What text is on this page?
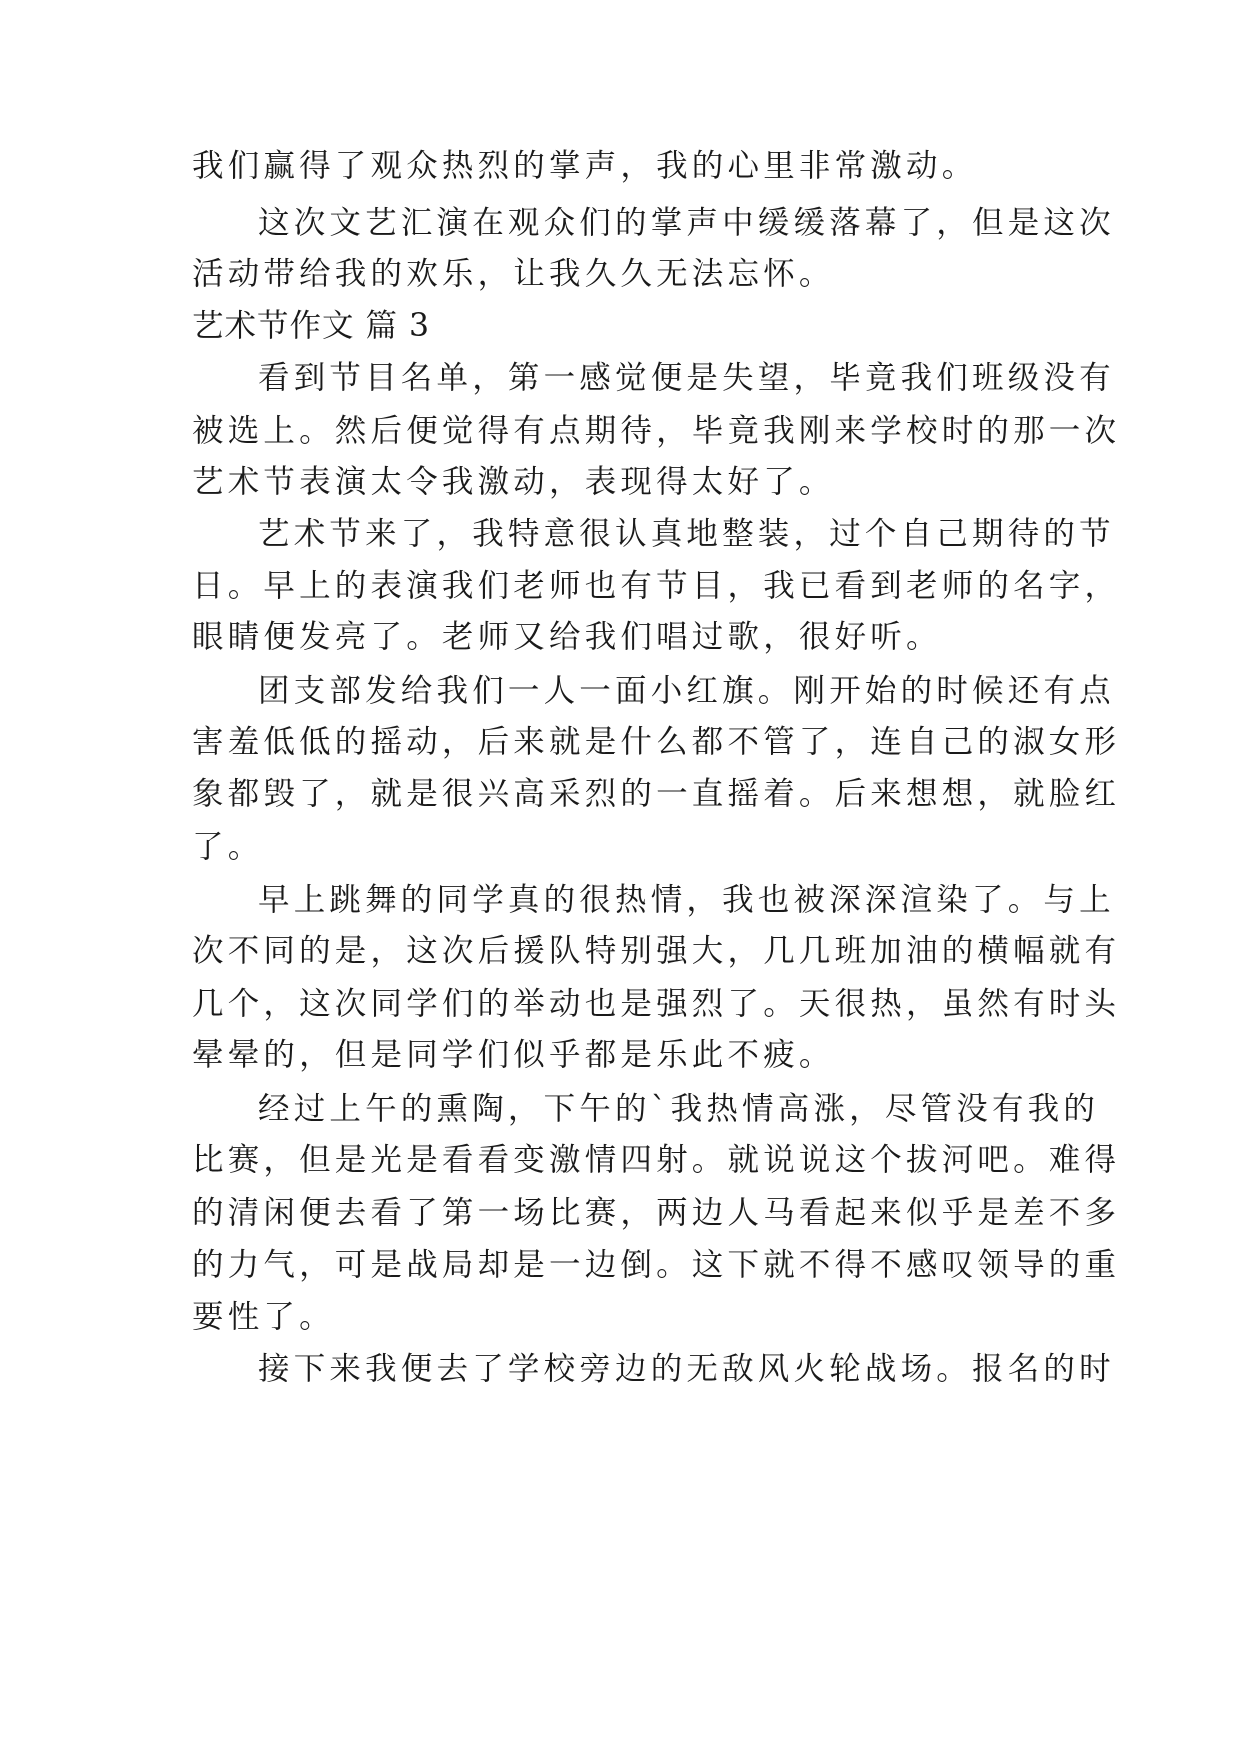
我们赢得了观众热烈的掌声，我的心里非常激动。
这次文艺汇演在观众们的掌声中缓缓落幕了，但是这次
活动带给我的欢乐，让我久久无法忘怀。
艺术节作文 篇 3
看到节目名单，第一感觉便是失望，毕竟我们班级没有
被选上。然后便觉得有点期待，毕竟我刚来学校时的那一次
艺术节表演太令我激动，表现得太好了。
艺术节来了，我特意很认真地整装，过个自己期待的节
日。早上的表演我们老师也有节目，我已看到老师的名字，
眼睛便发亮了。老师又给我们唱过歌，很好听。
团支部发给我们一人一面小红旗。刚开始的时候还有点
害羞低低的摇动，后来就是什么都不管了，连自己的淑女形
象都毁了，就是很兴高采烈的一直摇着。后来想想，就脸红
了。
早上跳舞的同学真的很热情，我也被深深渲染了。与上
次不同的是，这次后援队特别强大，几几班加油的横幅就有
几个，这次同学们的举动也是强烈了。天很热，虽然有时头
晕晕的，但是同学们似乎都是乐此不疲。
经过上午的熏陶，下午的`我热情高涨，尽管没有我的
比赛，但是光是看看变激情四射。就说说这个拔河吧。难得
的清闲便去看了第一场比赛，两边人马看起来似乎是差不多
的力气，可是战局却是一边倒。这下就不得不感叹领导的重
要性了。
接下来我便去了学校旁边的无敌风火轮战场。报名的时
